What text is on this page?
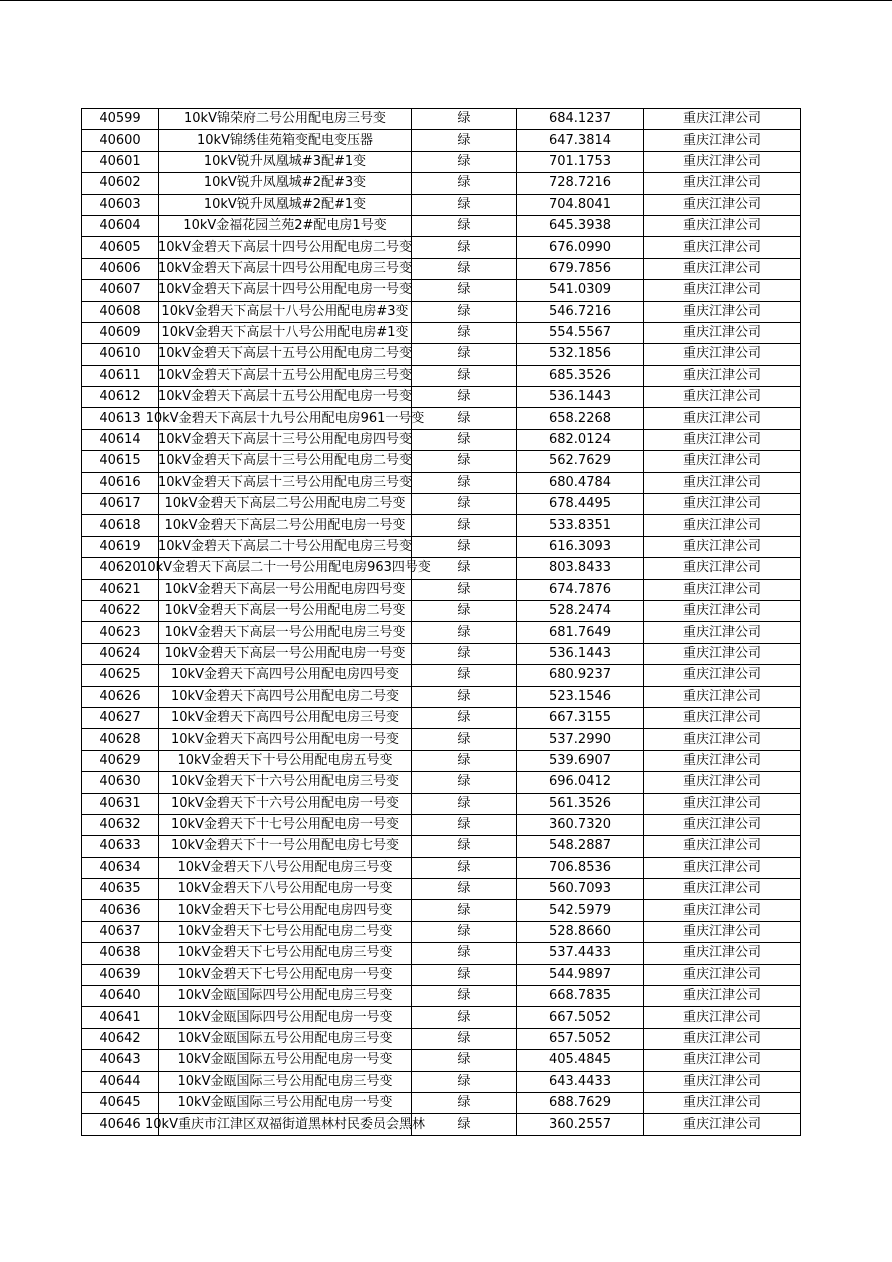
40599	10kV锦荣府二号公用配电房三号变	绿	684.1237	重庆江津公司
40600	10kV锦绣佳苑箱变配电变压器	绿	647.3814	重庆江津公司
40601	10kV锐升凤凰城#3配#1变	绿	701.1753	重庆江津公司
40602	10kV锐升凤凰城#2配#3变	绿	728.7216	重庆江津公司
40603	10kV锐升凤凰城#2配#1变	绿	704.8041	重庆江津公司
40604	10kV金福花园兰苑2#配电房1号变	绿	645.3938	重庆江津公司
40605	10kV金碧天下高层十四号公用配电房二号变	绿	676.0990	重庆江津公司
40606	10kV金碧天下高层十四号公用配电房三号变	绿	679.7856	重庆江津公司
40607	10kV金碧天下高层十四号公用配电房一号变	绿	541.0309	重庆江津公司
40608	10kV金碧天下高层十八号公用配电房#3变	绿	546.7216	重庆江津公司
40609	10kV金碧天下高层十八号公用配电房#1变	绿	554.5567	重庆江津公司
40610	10kV金碧天下高层十五号公用配电房二号变	绿	532.1856	重庆江津公司
40611	10kV金碧天下高层十五号公用配电房三号变	绿	685.3526	重庆江津公司
40612	10kV金碧天下高层十五号公用配电房一号变	绿	536.1443	重庆江津公司
40613	10kV金碧天下高层十九号公用配电房961一号变	绿	658.2268	重庆江津公司
40614	10kV金碧天下高层十三号公用配电房四号变	绿	682.0124	重庆江津公司
40615	10kV金碧天下高层十三号公用配电房二号变	绿	562.7629	重庆江津公司
40616	10kV金碧天下高层十三号公用配电房三号变	绿	680.4784	重庆江津公司
40617	10kV金碧天下高层二号公用配电房二号变	绿	678.4495	重庆江津公司
40618	10kV金碧天下高层二号公用配电房一号变	绿	533.8351	重庆江津公司
40619	10kV金碧天下高层二十号公用配电房三号变	绿	616.3093	重庆江津公司
40620	10kV金碧天下高层二十一号公用配电房963四号变	绿	803.8433	重庆江津公司
40621	10kV金碧天下高层一号公用配电房四号变	绿	674.7876	重庆江津公司
40622	10kV金碧天下高层一号公用配电房二号变	绿	528.2474	重庆江津公司
40623	10kV金碧天下高层一号公用配电房三号变	绿	681.7649	重庆江津公司
40624	10kV金碧天下高层一号公用配电房一号变	绿	536.1443	重庆江津公司
40625	10kV金碧天下高四号公用配电房四号变	绿	680.9237	重庆江津公司
40626	10kV金碧天下高四号公用配电房二号变	绿	523.1546	重庆江津公司
40627	10kV金碧天下高四号公用配电房三号变	绿	667.3155	重庆江津公司
40628	10kV金碧天下高四号公用配电房一号变	绿	537.2990	重庆江津公司
40629	10kV金碧天下十号公用配电房五号变	绿	539.6907	重庆江津公司
40630	10kV金碧天下十六号公用配电房三号变	绿	696.0412	重庆江津公司
40631	10kV金碧天下十六号公用配电房一号变	绿	561.3526	重庆江津公司
40632	10kV金碧天下十七号公用配电房一号变	绿	360.7320	重庆江津公司
40633	10kV金碧天下十一号公用配电房七号变	绿	548.2887	重庆江津公司
40634	10kV金碧天下八号公用配电房三号变	绿	706.8536	重庆江津公司
40635	10kV金碧天下八号公用配电房一号变	绿	560.7093	重庆江津公司
40636	10kV金碧天下七号公用配电房四号变	绿	542.5979	重庆江津公司
40637	10kV金碧天下七号公用配电房二号变	绿	528.8660	重庆江津公司
40638	10kV金碧天下七号公用配电房三号变	绿	537.4433	重庆江津公司
40639	10kV金碧天下七号公用配电房一号变	绿	544.9897	重庆江津公司
40640	10kV金瓯国际四号公用配电房三号变	绿	668.7835	重庆江津公司
40641	10kV金瓯国际四号公用配电房一号变	绿	667.5052	重庆江津公司
40642	10kV金瓯国际五号公用配电房三号变	绿	657.5052	重庆江津公司
40643	10kV金瓯国际五号公用配电房一号变	绿	405.4845	重庆江津公司
40644	10kV金瓯国际三号公用配电房三号变	绿	643.4433	重庆江津公司
40645	10kV金瓯国际三号公用配电房一号变	绿	688.7629	重庆江津公司
40646	10kV重庆市江津区双福街道黑林村民委员会黑林	绿	360.2557	重庆江津公司
